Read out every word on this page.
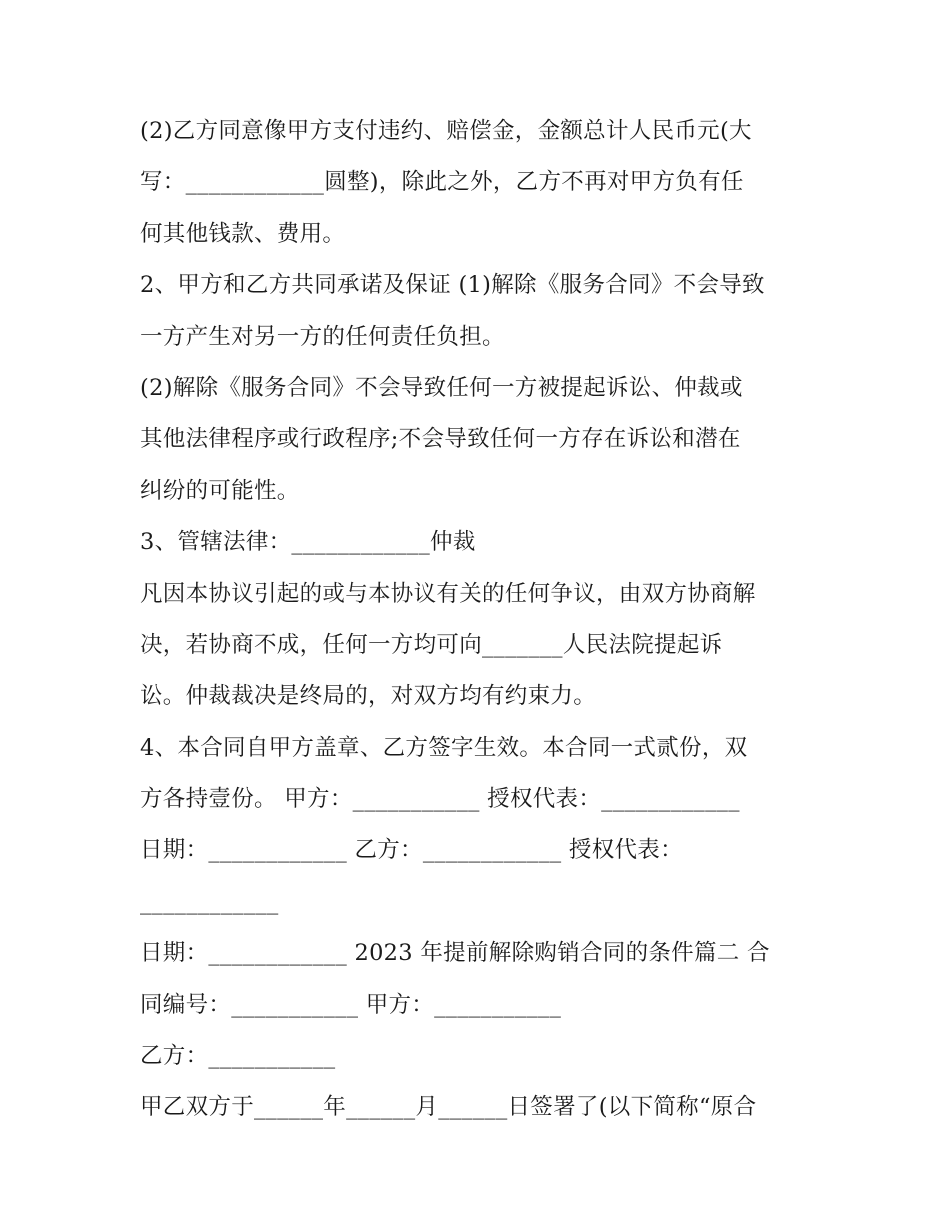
(2)乙方同意像甲方支付违约、赔偿金，金额总计人民币元(大
写：____________圆整)，除此之外，乙方不再对甲方负有任
何其他钱款、费用。
2、甲方和乙方共同承诺及保证 (1)解除《服务合同》不会导致
一方产生对另一方的任何责任负担。
(2)解除《服务合同》不会导致任何一方被提起诉讼、仲裁或
其他法律程序或行政程序;不会导致任何一方存在诉讼和潜在
纠纷的可能性。
3、管辖法律：____________仲裁
凡因本协议引起的或与本协议有关的任何争议，由双方协商解
决，若协商不成，任何一方均可向_______人民法院提起诉
讼。仲裁裁决是终局的，对双方均有约束力。
4、本合同自甲方盖章、乙方签字生效。本合同一式贰份，双
方各持壹份。 甲方：___________ 授权代表：____________
日期：____________ 乙方：____________ 授权代表：
____________
日期：____________ 2023 年提前解除购销合同的条件篇二 合
同编号：___________ 甲方：___________
乙方：___________
甲乙双方于______年______月______日签署了(以下简称“原合
